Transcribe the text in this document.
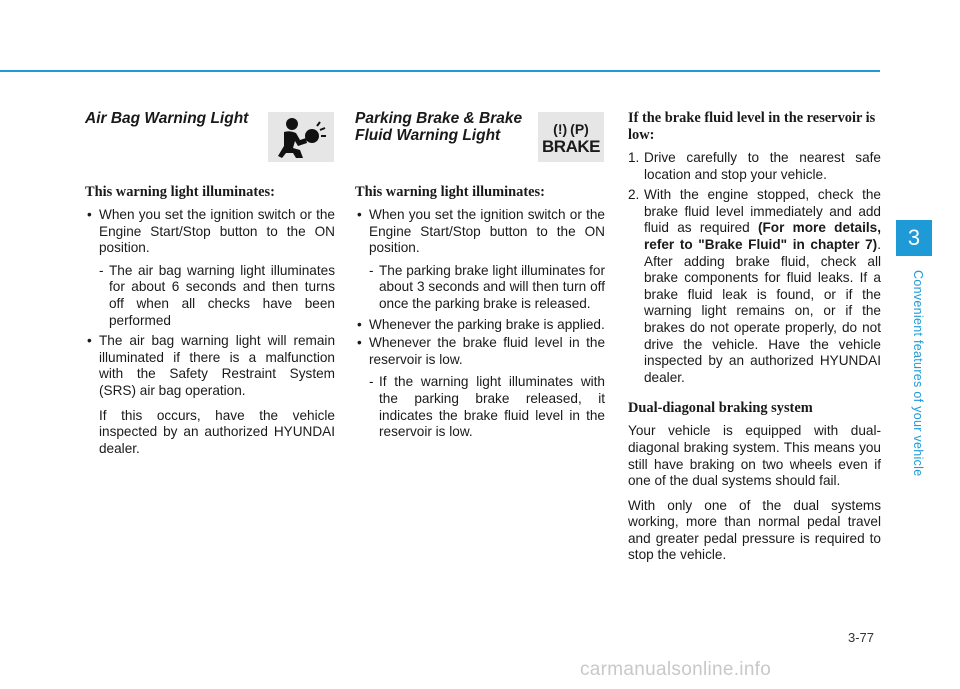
Air Bag Warning Light
This warning light illuminates:
• When you set the ignition switch or the Engine Start/Stop button to the ON position.
- The air bag warning light illuminates for about 6 seconds and then turns off when all checks have been performed
• The air bag warning light will remain illuminated if there is a malfunction with the Safety Restraint System (SRS) air bag operation.
If this occurs, have the vehicle inspected by an authorized HYUNDAI dealer.
Parking Brake & Brake Fluid Warning Light
This warning light illuminates:
• When you set the ignition switch or the Engine Start/Stop button to the ON position.
- The parking brake light illuminates for about 3 seconds and will then turn off once the parking brake is released.
• Whenever the parking brake is applied.
• Whenever the brake fluid level in the reservoir is low.
- If the warning light illuminates with the parking brake released, it indicates the brake fluid level in the reservoir is low.
(!) (P)
BRAKE
If the brake fluid level in the reservoir is low:
1. Drive carefully to the nearest safe location and stop your vehicle.
2. With the engine stopped, check the brake fluid level immediately and add fluid as required (For more details, refer to "Brake Fluid" in chapter 7). After adding brake fluid, check all brake components for fluid leaks. If a brake fluid leak is found, or if the warning light remains on, or if the brakes do not operate properly, do not drive the vehicle. Have the vehicle inspected by an authorized HYUNDAI dealer.
Dual-diagonal braking system
Your vehicle is equipped with dual-diagonal braking system. This means you still have braking on two wheels even if one of the dual systems should fail.
With only one of the dual systems working, more than normal pedal travel and greater pedal pressure is required to stop the vehicle.
3
Convenient features of your vehicle
3-77
carmanualsonline.info
